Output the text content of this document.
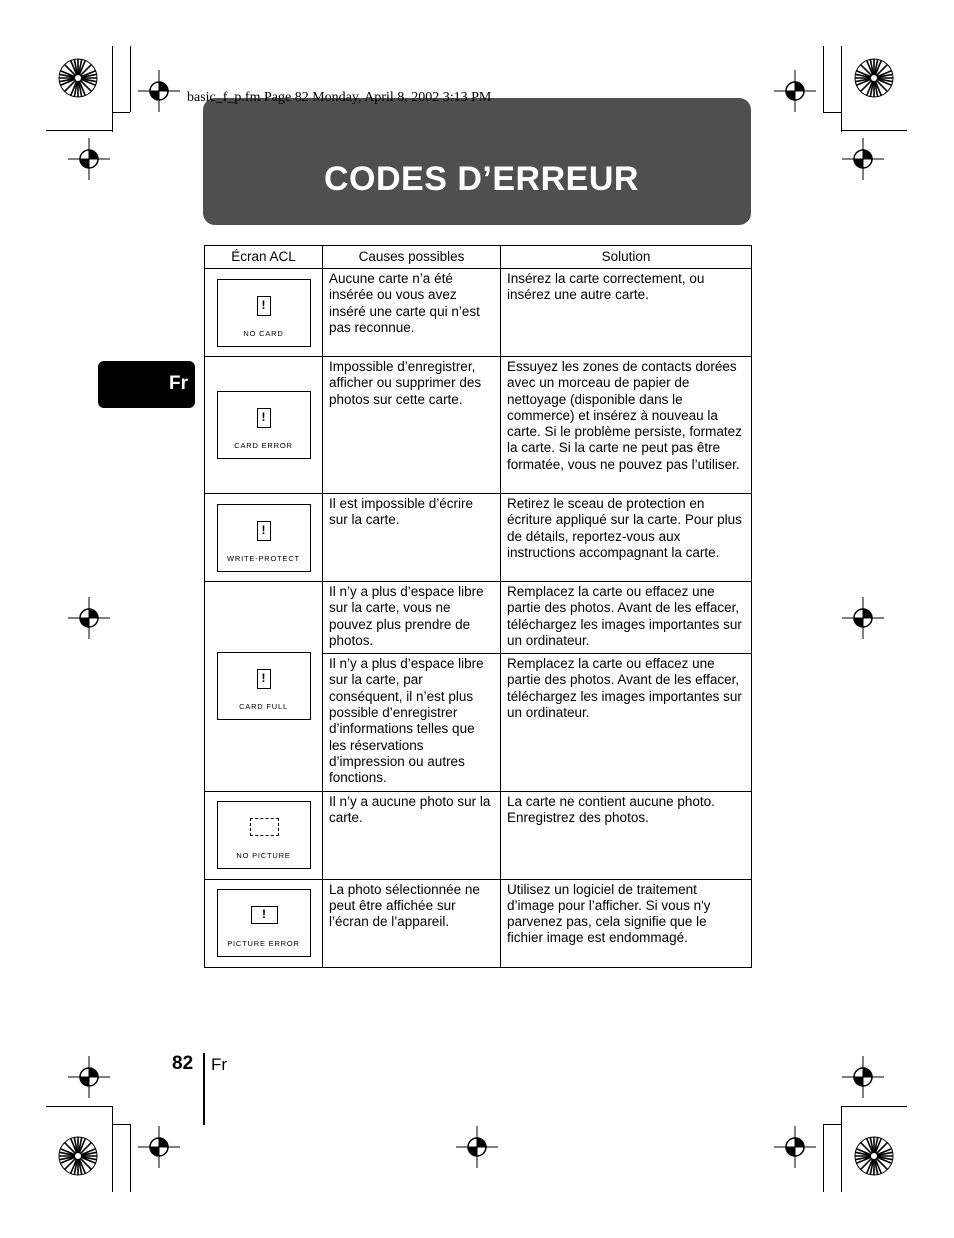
CODES D’ERREUR
basic_f_p.fm Page 82 Monday, April 8, 2002 3:13 PM
Fr
Écran ACL	Causes possibles	Solution

!
NO CARD	Aucune carte n’a été insérée ou vous avez inséré une carte qui n’est pas reconnue.	Insérez la carte correctement, ou insérez une autre carte.

!
CARD ERROR	Impossible d’enregistrer, afficher ou supprimer des photos sur cette carte.	Essuyez les zones de contacts dorées avec un morceau de papier de nettoyage (disponible dans le commerce) et insérez à nouveau la carte. Si le problème persiste, formatez la carte. Si la carte ne peut pas être formatée, vous ne pouvez pas l’utiliser.

!
WRITE-PROTECT	Il est impossible d’écrire sur la carte.	Retirez le sceau de protection en écriture appliqué sur la carte. Pour plus de détails, reportez-vous aux instructions accompagnant la carte.

!
CARD FULL	Il n’y a plus d’espace libre sur la carte, vous ne pouvez plus prendre de photos.	Remplacez la carte ou effacez une partie des photos. Avant de les effacer, téléchargez les images importantes sur un ordinateur.
	Il n’y a plus d’espace libre sur la carte, par conséquent, il n’est plus possible d’enregistrer d’informations telles que les réservations d’impression ou autres fonctions.	Remplacez la carte ou effacez une partie des photos. Avant de les effacer, téléchargez les images importantes sur un ordinateur.

NO PICTURE	Il n’y a aucune photo sur la carte.	La carte ne contient aucune photo. Enregistrez des photos.

!
PICTURE ERROR	La photo sélectionnée ne peut être affichée sur l’écran de l’appareil.	Utilisez un logiciel de traitement d’image pour l’afficher. Si vous n'y parvenez pas, cela signifie que le fichier image est endommagé.
82 Fr
